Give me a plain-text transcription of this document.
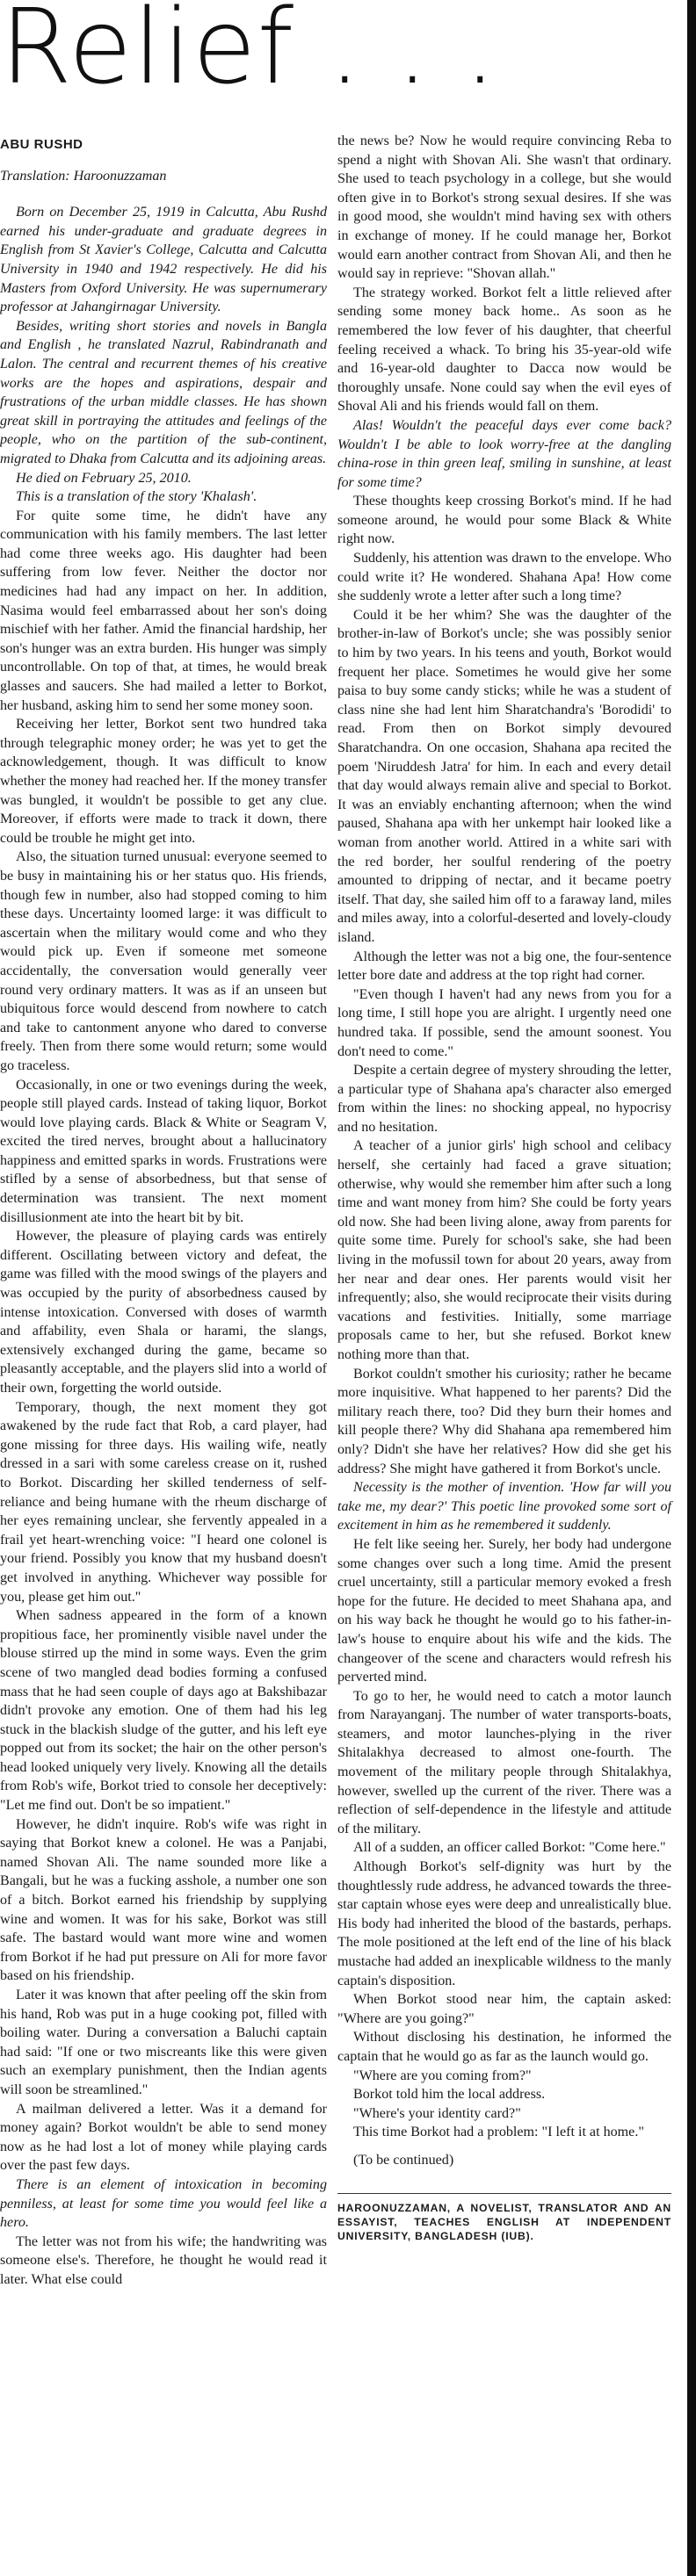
Relief . . .
ABU RUSHD
Translation: Haroonuzzaman

Born on December 25, 1919 in Calcutta, Abu Rushd earned his under-graduate and graduate degrees in English from St Xavier's College, Calcutta and Calcutta University in 1940 and 1942 respectively. He did his Masters from Oxford University. He was supernumerary professor at Jahangirnagar University.

Besides, writing short stories and novels in Bangla and English , he translated Nazrul, Rabindranath and Lalon. The central and recurrent themes of his creative works are the hopes and aspirations, despair and frustrations of the urban middle classes. He has shown great skill in portraying the attitudes and feelings of the people, who on the partition of the sub-continent, migrated to Dhaka from Calcutta and its adjoining areas.

He died on February 25, 2010.

This is a translation of the story 'Khalash'.

For quite some time, he didn't have any communication with his family members. The last letter had come three weeks ago. His daughter had been suffering from low fever. Neither the doctor nor medicines had had any impact on her. In addition, Nasima would feel embarrassed about her son's doing mischief with her father. Amid the financial hardship, her son's hunger was an extra burden. His hunger was simply uncontrollable. On top of that, at times, he would break glasses and saucers. She had mailed a letter to Borkot, her husband, asking him to send her some money soon.

Receiving her letter, Borkot sent two hundred taka through telegraphic money order; he was yet to get the acknowledgement, though. It was difficult to know whether the money had reached her. If the money transfer was bungled, it wouldn't be possible to get any clue. Moreover, if efforts were made to track it down, there could be trouble he might get into.

Also, the situation turned unusual: everyone seemed to be busy in maintaining his or her status quo. His friends, though few in number, also had stopped coming to him these days. Uncertainty loomed large: it was difficult to ascertain when the military would come and who they would pick up. Even if someone met someone accidentally, the conversation would generally veer round very ordinary matters. It was as if an unseen but ubiquitous force would descend from nowhere to catch and take to cantonment anyone who dared to converse freely. Then from there some would return; some would go traceless.

Occasionally, in one or two evenings during the week, people still played cards. Instead of taking liquor, Borkot would love playing cards. Black & White or Seagram V, excited the tired nerves, brought about a hallucinatory happiness and emitted sparks in words. Frustrations were stifled by a sense of absorbedness, but that sense of determination was transient. The next moment disillusionment ate into the heart bit by bit.

However, the pleasure of playing cards was entirely different. Oscillating between victory and defeat, the game was filled with the mood swings of the players and was occupied by the purity of absorbedness caused by intense intoxication. Conversed with doses of warmth and affability, even Shala or harami, the slangs, extensively exchanged during the game, became so pleasantly acceptable, and the players slid into a world of their own, forgetting the world outside.

Temporary, though, the next moment they got awakened by the rude fact that Rob, a card player, had gone missing for three days. His wailing wife, neatly dressed in a sari with some careless crease on it, rushed to Borkot. Discarding her skilled tenderness of self-reliance and being humane with the rheum discharge of her eyes remaining unclear, she fervently appealed in a frail yet heart-wrenching voice: "I heard one colonel is your friend. Possibly you know that my husband doesn't get involved in anything. Whichever way possible for you, please get him out."

When sadness appeared in the form of a known propitious face, her prominently visible navel under the blouse stirred up the mind in some ways. Even the grim scene of two mangled dead bodies forming a confused mass that he had seen couple of days ago at Bakshibazar didn't provoke any emotion. One of them had his leg stuck in the blackish sludge of the gutter, and his left eye popped out from its socket; the hair on the other person's head looked uniquely very lively. Knowing all the details from Rob's wife, Borkot tried to console her deceptively: "Let me find out. Don't be so impatient."

However, he didn't inquire. Rob's wife was right in saying that Borkot knew a colonel. He was a Panjabi, named Shovan Ali. The name sounded more like a Bangali, but he was a fucking asshole, a number one son of a bitch. Borkot earned his friendship by supplying wine and women. It was for his sake, Borkot was still safe. The bastard would want more wine and women from Borkot if he had put pressure on Ali for more favor based on his friendship.

Later it was known that after peeling off the skin from his hand, Rob was put in a huge cooking pot, filled with boiling water. During a conversation a Baluchi captain had said: "If one or two miscreants like this were given such an exemplary punishment, then the Indian agents will soon be streamlined."

A mailman delivered a letter. Was it a demand for money again? Borkot wouldn't be able to send money now as he had lost a lot of money while playing cards over the past few days.

There is an element of intoxication in becoming penniless, at least for some time you would feel like a hero.

The letter was not from his wife; the handwriting was someone else's. Therefore, he thought he would read it later. What else could

the news be? Now he would require convincing Reba to spend a night with Shovan Ali. She wasn't that ordinary. She used to teach psychology in a college, but she would often give in to Borkot's strong sexual desires. If she was in good mood, she wouldn't mind having sex with others in exchange of money. If he could manage her, Borkot would earn another contract from Shovan Ali, and then he would say in reprieve: "Shovan allah."

The strategy worked. Borkot felt a little relieved after sending some money back home.. As soon as he remembered the low fever of his daughter, that cheerful feeling received a whack. To bring his 35-year-old wife and 16-year-old daughter to Dacca now would be thoroughly unsafe. None could say when the evil eyes of Shoval Ali and his friends would fall on them.

Alas! Wouldn't the peaceful days ever come back? Wouldn't I be able to look worry-free at the dangling china-rose in thin green leaf, smiling in sunshine, at least for some time?

These thoughts keep crossing Borkot's mind. If he had someone around, he would pour some Black & White right now.

Suddenly, his attention was drawn to the envelope. Who could write it? He wondered. Shahana Apa! How come she suddenly wrote a letter after such a long time?

Could it be her whim? She was the daughter of the brother-in-law of Borkot's uncle; she was possibly senior to him by two years. In his teens and youth, Borkot would frequent her place. Sometimes he would give her some paisa to buy some candy sticks; while he was a student of class nine she had lent him Sharatchandra's 'Borodidi' to read. From then on Borkot simply devoured Sharatchandra. On one occasion, Shahana apa recited the poem 'Niruddesh Jatra' for him. In each and every detail that day would always remain alive and special to Borkot. It was an enviably enchanting afternoon; when the wind paused, Shahana apa with her unkempt hair looked like a woman from another world. Attired in a white sari with the red border, her soulful rendering of the poetry amounted to dripping of nectar, and it became poetry itself. That day, she sailed him off to a faraway land, miles and miles away, into a colorful-deserted and lovely-cloudy island.

Although the letter was not a big one, the four-sentence letter bore date and address at the top right had corner.

"Even though I haven't had any news from you for a long time, I still hope you are alright. I urgently need one hundred taka. If possible, send the amount soonest. You don't need to come."

Despite a certain degree of mystery shrouding the letter, a particular type of Shahana apa's character also emerged from within the lines: no shocking appeal, no hypocrisy and no hesitation.

A teacher of a junior girls' high school and celibacy herself, she certainly had faced a grave situation; otherwise, why would she remember him after such a long time and want money from him? She could be forty years old now. She had been living alone, away from parents for quite some time. Purely for school's sake, she had been living in the mofussil town for about 20 years, away from her near and dear ones. Her parents would visit her infrequently; also, she would reciprocate their visits during vacations and festivities. Initially, some marriage proposals came to her, but she refused. Borkot knew nothing more than that.

Borkot couldn't smother his curiosity; rather he became more inquisitive. What happened to her parents? Did the military reach there, too? Did they burn their homes and kill people there? Why did Shahana apa remembered him only? Didn't she have her relatives? How did she get his address? She might have gathered it from Borkot's uncle.

Necessity is the mother of invention. 'How far will you take me, my dear?' This poetic line provoked some sort of excitement in him as he remembered it suddenly.

He felt like seeing her. Surely, her body had undergone some changes over such a long time. Amid the present cruel uncertainty, still a particular memory evoked a fresh hope for the future. He decided to meet Shahana apa, and on his way back he thought he would go to his father-in-law's house to enquire about his wife and the kids. The changeover of the scene and characters would refresh his perverted mind.

To go to her, he would need to catch a motor launch from Narayanganj. The number of water transports-boats, steamers, and motor launches-plying in the river Shitalakhya decreased to almost one-fourth. The movement of the military people through Shitalakhya, however, swelled up the current of the river. There was a reflection of self-dependence in the lifestyle and attitude of the military.

All of a sudden, an officer called Borkot: "Come here."

Although Borkot's self-dignity was hurt by the thoughtlessly rude address, he advanced towards the three-star captain whose eyes were deep and unrealistically blue. His body had inherited the blood of the bastards, perhaps. The mole positioned at the left end of the line of his black mustache had added an inexplicable wildness to the manly captain's disposition.

When Borkot stood near him, the captain asked: "Where are you going?"

Without disclosing his destination, he informed the captain that he would go as far as the launch would go.

"Where are you coming from?"

Borkot told him the local address.

"Where's your identity card?"

This time Borkot had a problem: "I left it at home."

(To be continued)

HAROONUZZAMAN, A NOVELIST, TRANSLATOR AND AN ESSAYIST, TEACHES ENGLISH AT INDEPENDENT UNIVERSITY, BANGLADESH (IUB).
